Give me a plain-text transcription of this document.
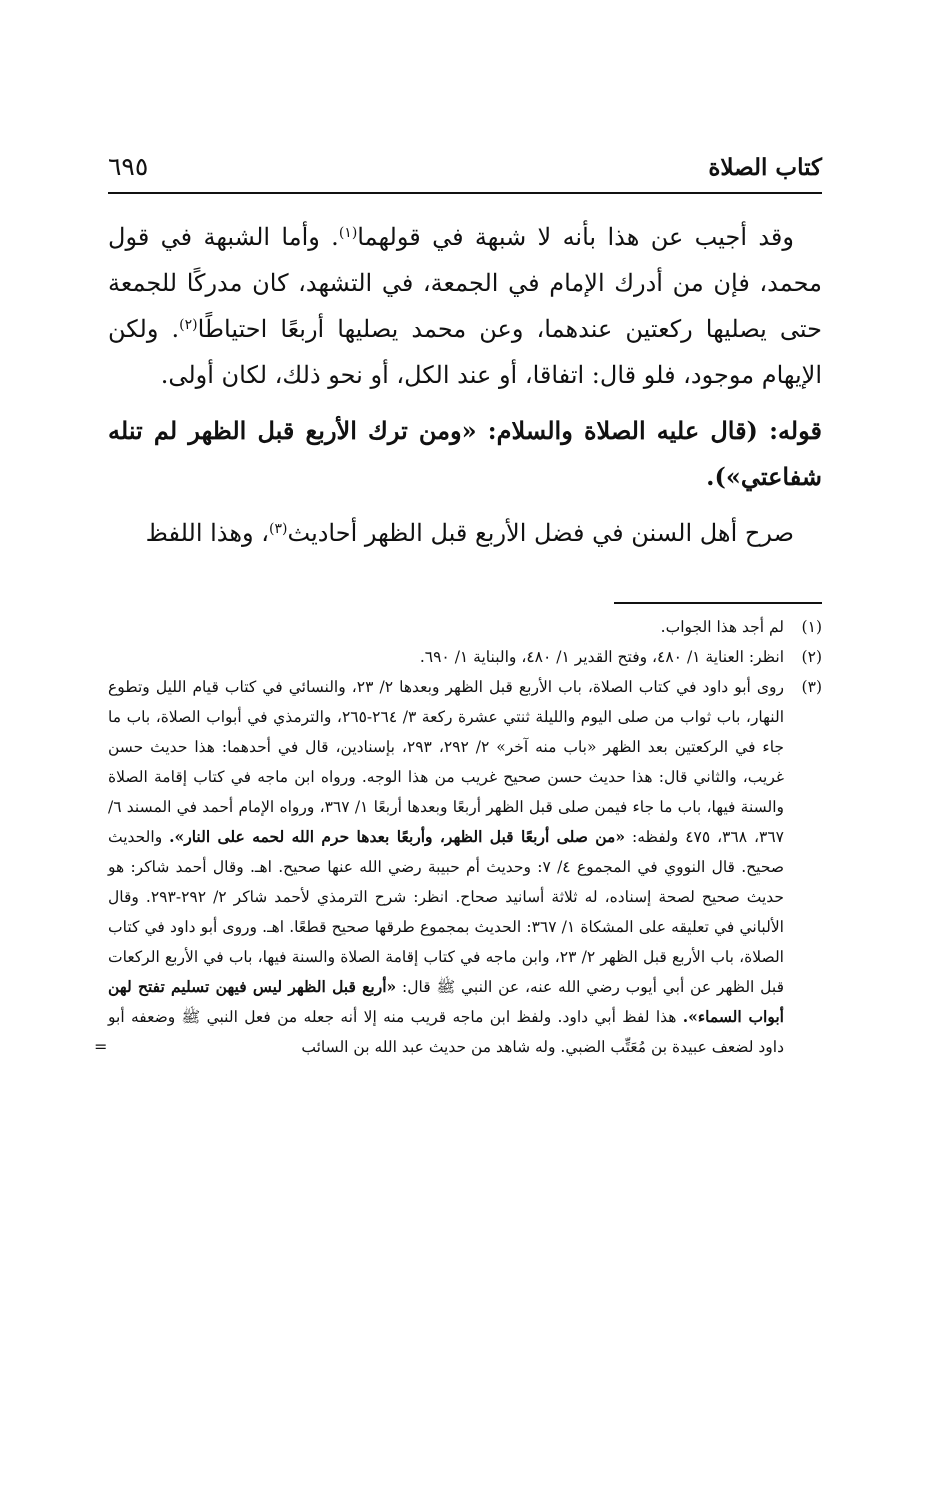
كتاب الصلاة
٦٩٥

وقد أجيب عن هذا بأنه لا شبهة في قولهما$^{(١)}$. وأما الشبهة في قول محمد، فإن من أدرك الإمام في الجمعة، في التشهد، كان مدركًا للجمعة حتى يصليها ركعتين عندهما، وعن محمد يصليها أربعًا احتياطًا$^{(٢)}$. ولكن الإيهام موجود، فلو قال: اتفاقا، أو عند الكل، أو نحو ذلك، لكان أولى.

قوله: (قال عليه الصلاة والسلام: «ومن ترك الأربع قبل الظهر لم تنله شفاعتي»).

صرح أهل السنن في فضل الأربع قبل الظهر أحاديث$^{(٣)}$، وهذا اللفظ

(١)
لم أجد هذا الجواب.
(٢)
انظر: العناية ١/ ٤٨٠، وفتح القدير ١/ ٤٨٠، والبناية ١/ ٦٩٠.
(٣)
روى أبو داود في كتاب الصلاة، باب الأربع قبل الظهر وبعدها ٢/ ٢٣، والنسائي في كتاب قيام الليل وتطوع النهار، باب ثواب من صلى اليوم والليلة ثنتي عشرة ركعة ٣/ ٢٦٤-٢٦٥، والترمذي في أبواب الصلاة، باب ما جاء في الركعتين بعد الظهر «باب منه آخر» ٢/ ٢٩٢، ٢٩٣، بإسنادين، قال في أحدهما: هذا حديث حسن غريب، والثاني قال: هذا حديث حسن صحيح غريب من هذا الوجه. ورواه ابن ماجه في كتاب إقامة الصلاة والسنة فيها، باب ما جاء فيمن صلى قبل الظهر أربعًا وبعدها أربعًا ١/ ٣٦٧، ورواه الإمام أحمد في المسند ٦/ ٣٦٧، ٣٦٨، ٤٧٥ ولفظه: «من صلى أربعًا قبل الظهر، وأربعًا بعدها حرم الله لحمه على النار». والحديث صحيح. قال النووي في المجموع ٤/ ٧: وحديث أم حبيبة رضي الله عنها صحيح. اهـ. وقال أحمد شاكر: هو حديث صحيح لصحة إسناده، له ثلاثة أسانيد صحاح. انظر: شرح الترمذي لأحمد شاكر ٢/ ٢٩٢-٢٩٣. وقال الألباني في تعليقه على المشكاة ١/ ٣٦٧: الحديث بمجموع طرقها صحيح قطعًا. اهـ. وروى أبو داود في كتاب الصلاة، باب الأربع قبل الظهر ٢/ ٢٣، وابن ماجه في كتاب إقامة الصلاة والسنة فيها، باب في الأربع الركعات قبل الظهر عن أبي أيوب رضي الله عنه، عن النبي ﷺ قال: «أربع قبل الظهر ليس فيهن تسليم تفتح لهن أبواب السماء». هذا لفظ أبي داود. ولفظ ابن ماجه قريب منه إلا أنه جعله من فعل النبي ﷺ وضعفه أبو داود لضعف عبيدة بن مُعَتِّب الضبي. وله شاهد من حديث عبد الله بن السائب
=
